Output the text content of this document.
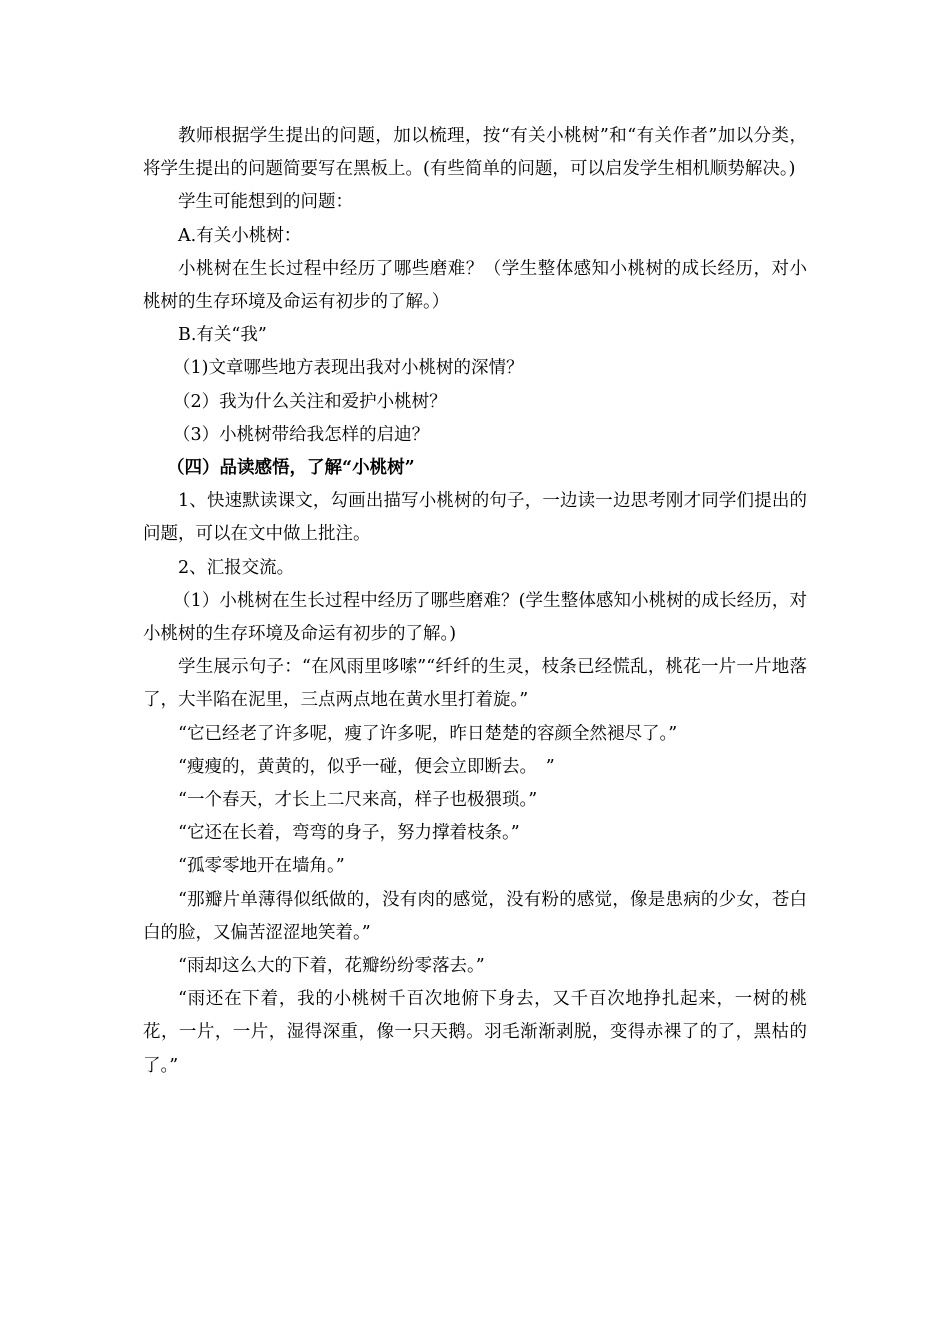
教师根据学生提出的问题，加以梳理，按“有关小桃树”和“有关作者”加以分类，将学生提出的问题简要写在黑板上。(有些简单的问题，可以启发学生相机顺势解决。)

学生可能想到的问题：

A.有关小桃树：

小桃树在生长过程中经历了哪些磨难？（学生整体感知小桃树的成长经历，对小桃树的生存环境及命运有初步的了解。）

B.有关“我”

（1)文章哪些地方表现出我对小桃树的深情？

（2）我为什么关注和爱护小桃树？

（3）小桃树带给我怎样的启迪？

（四）品读感悟，了解“小桃树”

1、快速默读课文，勾画出描写小桃树的句子，一边读一边思考刚才同学们提出的问题，可以在文中做上批注。

2、汇报交流。

（1）小桃树在生长过程中经历了哪些磨难？(学生整体感知小桃树的成长经历，对小桃树的生存环境及命运有初步的了解。)

学生展示句子：“在风雨里哆嗦”“纤纤的生灵，枝条已经慌乱，桃花一片一片地落了，大半陷在泥里，三点两点地在黄水里打着旋。”

“它已经老了许多呢，瘦了许多呢，昨日楚楚的容颜全然褪尽了。”

“瘦瘦的，黄黄的，似乎一碰，便会立即断去。　”

“一个春天，才长上二尺来高，样子也极猥琐。”

“它还在长着，弯弯的身子，努力撑着枝条。”

“孤零零地开在墙角。”

“那瓣片单薄得似纸做的，没有肉的感觉，没有粉的感觉，像是患病的少女，苍白白的脸，又偏苦涩涩地笑着。”

“雨却这么大的下着，花瓣纷纷零落去。”

“雨还在下着，我的小桃树千百次地俯下身去，又千百次地挣扎起来，一树的桃花，一片，一片，湿得深重，像一只天鹅。羽毛渐渐剥脱，变得赤裸了的了，黑枯的了。”
